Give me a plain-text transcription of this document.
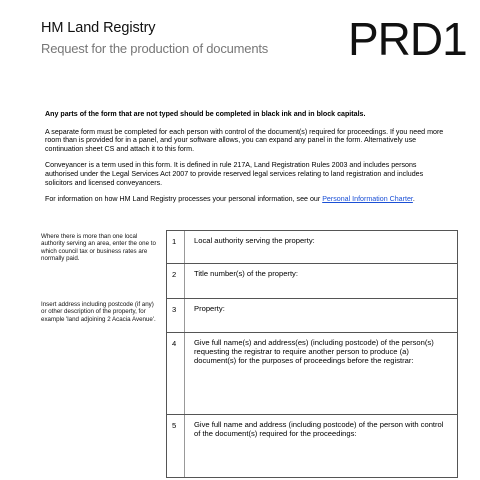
HM Land Registry
Request for the production of documents PRD1

Any parts of the form that are not typed should be completed in black ink and in block capitals.

A separate form must be completed for each person with control of the document(s) required for proceedings. If you need more room than is provided for in a panel, and your software allows, you can expand any panel in the form. Alternatively use continuation sheet CS and attach it to this form.

Conveyancer is a term used in this form. It is defined in rule 217A, Land Registration Rules 2003 and includes persons authorised under the Legal Services Act 2007 to provide reserved legal services relating to land registration and includes solicitors and licensed conveyancers.

For information on how HM Land Registry processes your personal information, see our Personal Information Charter.

Where there is more than one local authority serving an area, enter the one to which council tax or business rates are normally paid.
Insert address including postcode (if any) or other description of the property, for example 'land adjoining 2 Acacia Avenue'.
1 Local authority serving the property:
2 Title number(s) of the property:
3 Property:
4 Give full name(s) and address(es) (including postcode) of the person(s) requesting the registrar to require another person to produce (a) document(s) for the purposes of proceedings before the registrar:
5 Give full name and address (including postcode) of the person with control of the document(s) required for the proceedings:
